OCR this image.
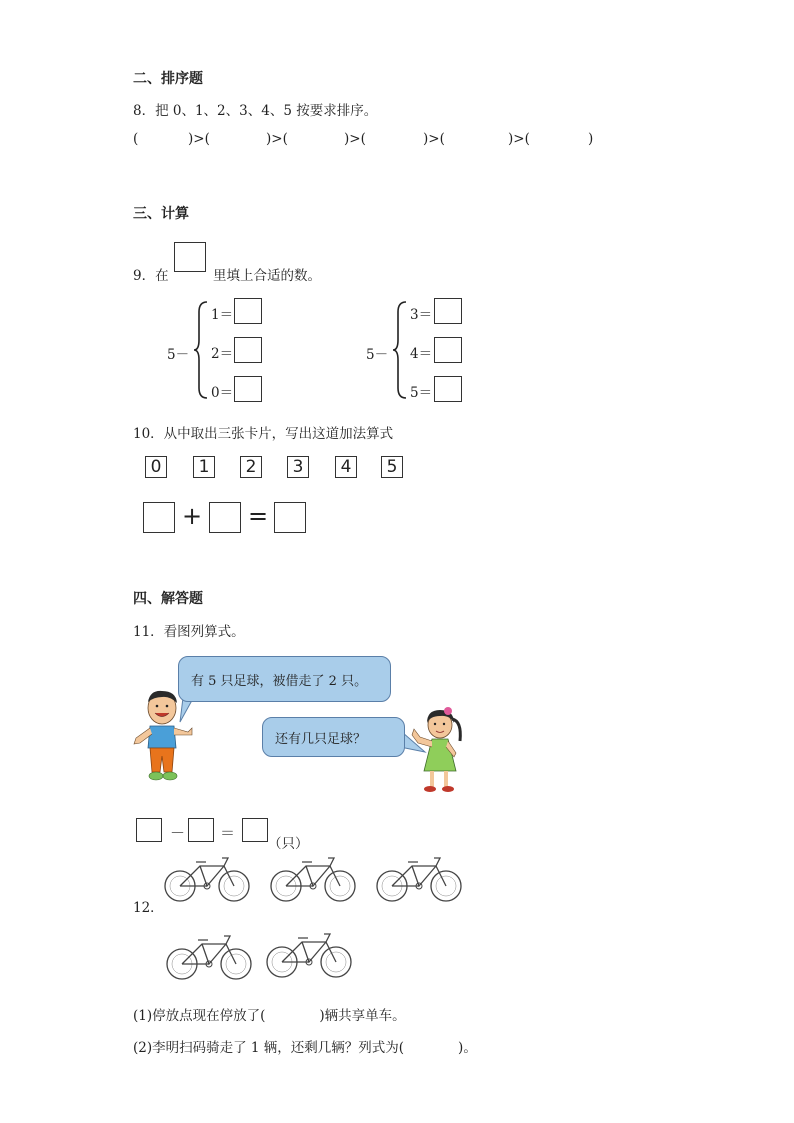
二、排序题
8．把 0、1、2、3、4、5 按要求排序。
(	)>(	)>(	)>(	)>(	)>(	)
三、计算
9．在	里填上合适的数。
5－
1＝
2＝
0＝
5－
3＝
4＝
5＝
10．从中取出三张卡片，写出这道加法算式
0	1	2	3	4	5
+ =
四、解答题
11．看图列算式。
有 5 只足球，被借走了 2 只。
还有几只足球？
－ ＝
（只）
12．
(1)停放点现在停放了(　　　　)辆共享单车。
(2)李明扫码骑走了 1 辆，还剩几辆？列式为(　　　　)。
